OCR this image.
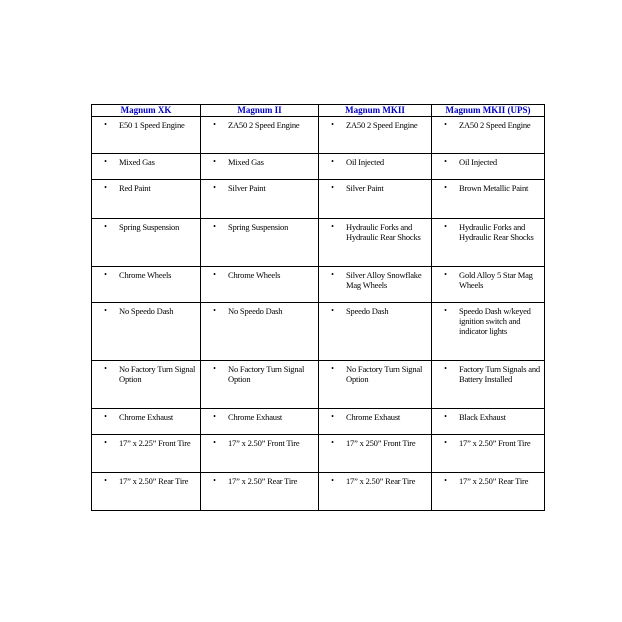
Magnum XK	Magnum II	Magnum MKII	Magnum MKII (UPS)

• E50 1 Speed Engine	• ZA50 2 Speed Engine	• ZA50 2 Speed Engine	• ZA50 2 Speed Engine

• Mixed Gas	• Mixed Gas	• Oil Injected	• Oil Injected

• Red Paint	• Silver Paint	• Silver Paint	• Brown Metallic Paint

• Spring Suspension	• Spring Suspension	• Hydraulic Forks and Hydraulic Rear Shocks	• Hydraulic Forks and Hydraulic Rear Shocks

• Chrome Wheels	• Chrome Wheels	• Silver Alloy Snowflake Mag Wheels	• Gold Alloy 5 Star Mag Wheels

• No Speedo Dash	• No Speedo Dash	• Speedo Dash	• Speedo Dash w/keyed ignition switch and indicator lights

• No Factory Turn Signal Option	• No Factory Turn Signal Option	• No Factory Turn Signal Option	• Factory Turn Signals and Battery Installed

• Chrome Exhaust	• Chrome Exhaust	• Chrome Exhaust	• Black Exhaust

• 17” x 2.25” Front Tire	• 17” x 2.50” Front Tire	• 17” x 250” Front Tire	• 17” x 2.50” Front Tire

• 17” x 2.50” Rear Tire	• 17” x 2.50” Rear Tire	• 17” x 2.50” Rear Tire	• 17” x 2.50” Rear Tire
